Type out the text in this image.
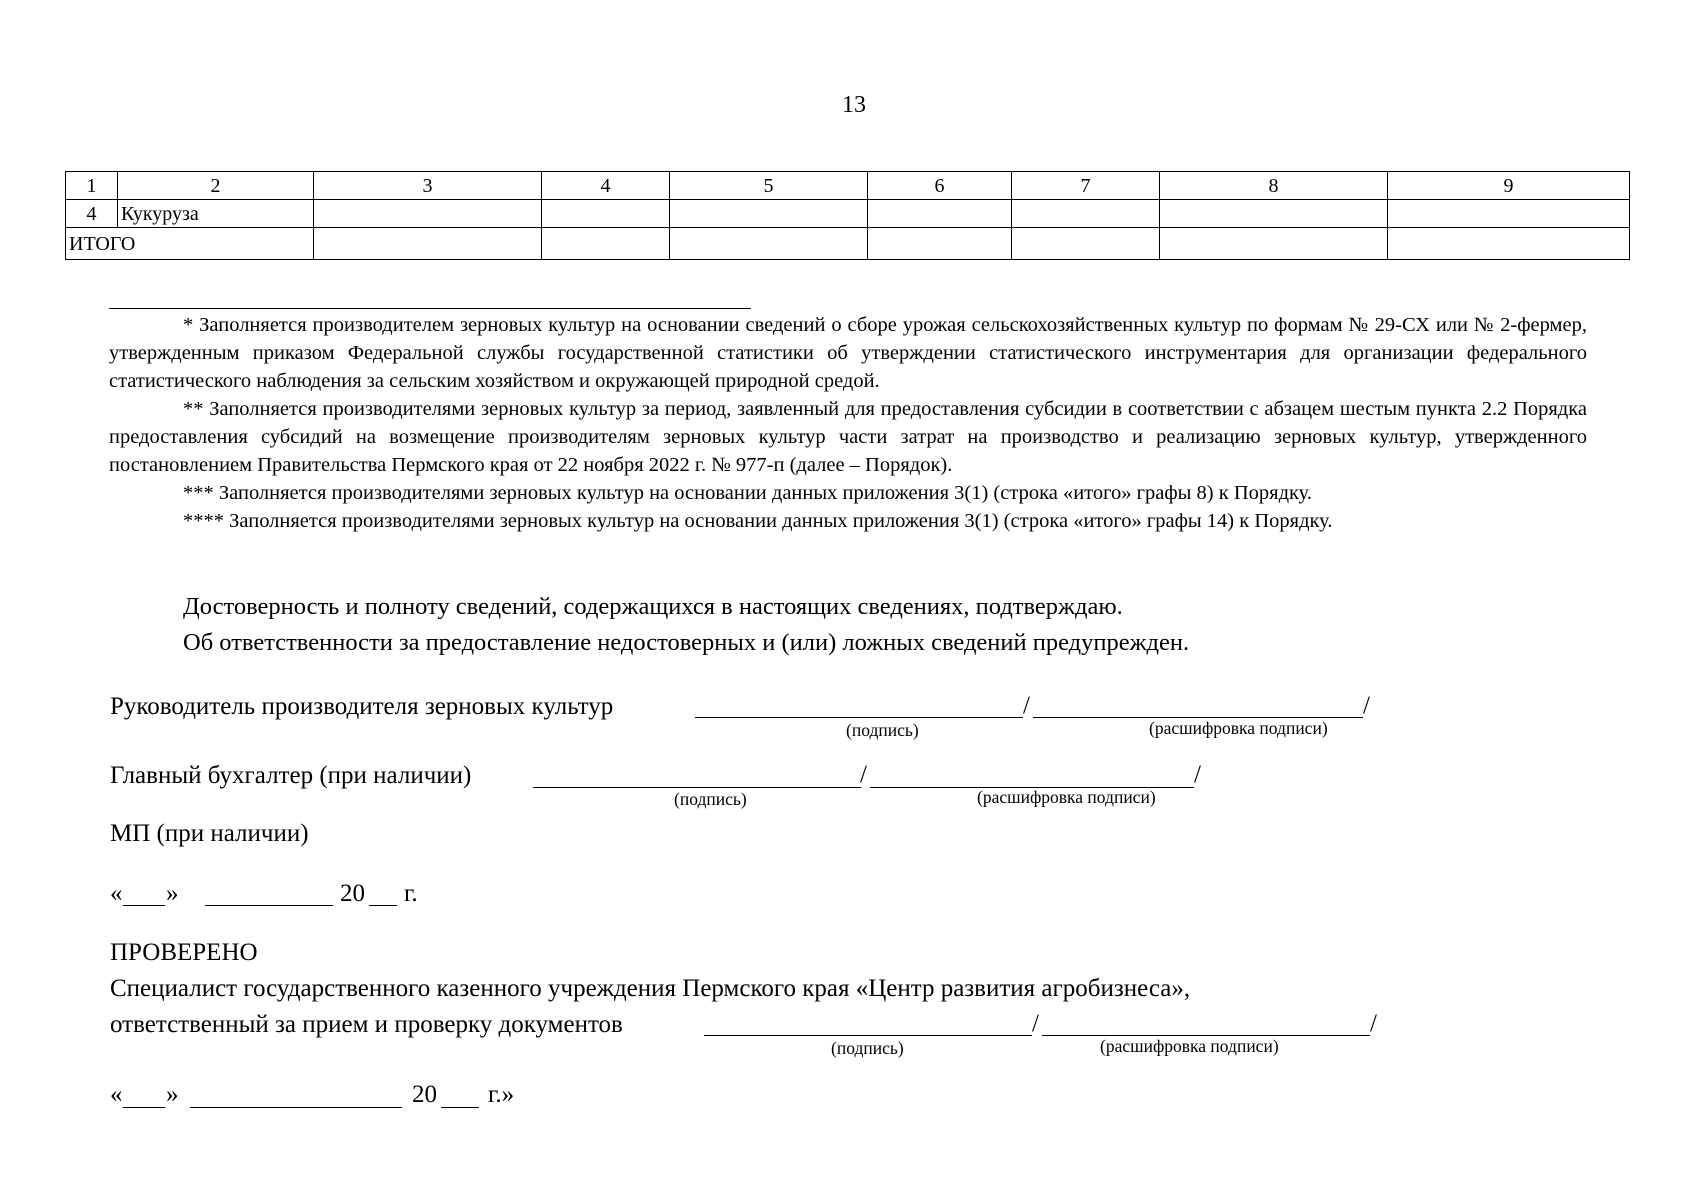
13
1	2	3	4	5	6	7	8	9
4	Кукуруза							
ИТОГО								

* Заполняется производителем зерновых культур на основании сведений о сборе урожая сельскохозяйственных культур по формам № 29-СХ или № 2-фермер, утвержденным приказом Федеральной службы государственной статистики об утверждении статистического инструментария для организации федерального статистического наблюдения за сельским хозяйством и окружающей природной средой.

** Заполняется производителями зерновых культур за период, заявленный для предоставления субсидии в соответствии с абзацем шестым пункта 2.2 Порядка предоставления субсидий на возмещение производителям зерновых культур части затрат на производство и реализацию зерновых культур, утвержденного постановлением Правительства Пермского края от 22 ноября 2022 г. № 977-п (далее – Порядок).

*** Заполняется производителями зерновых культур на основании данных приложения 3(1) (строка «итого» графы 8) к Порядку.

**** Заполняется производителями зерновых культур на основании данных приложения 3(1) (строка «итого» графы 14) к Порядку.

Достоверность и полноту сведений, содержащихся в настоящих сведениях, подтверждаю.
Об ответственности за предоставление недостоверных и (или) ложных сведений предупрежден.
Руководитель производителя зерновых культур	/	/
(подпись)	(расшифровка подписи)
Главный бухгалтер (при наличии)	/	/
(подпись)	(расшифровка подписи)
МП (при наличии)
« »	20 г.
ПРОВЕРЕНО
Специалист государственного казенного учреждения Пермского края «Центр развития агробизнеса»,
ответственный за прием и проверку документов	/	/
(подпись)	(расшифровка подписи)
« »	20 г.»
